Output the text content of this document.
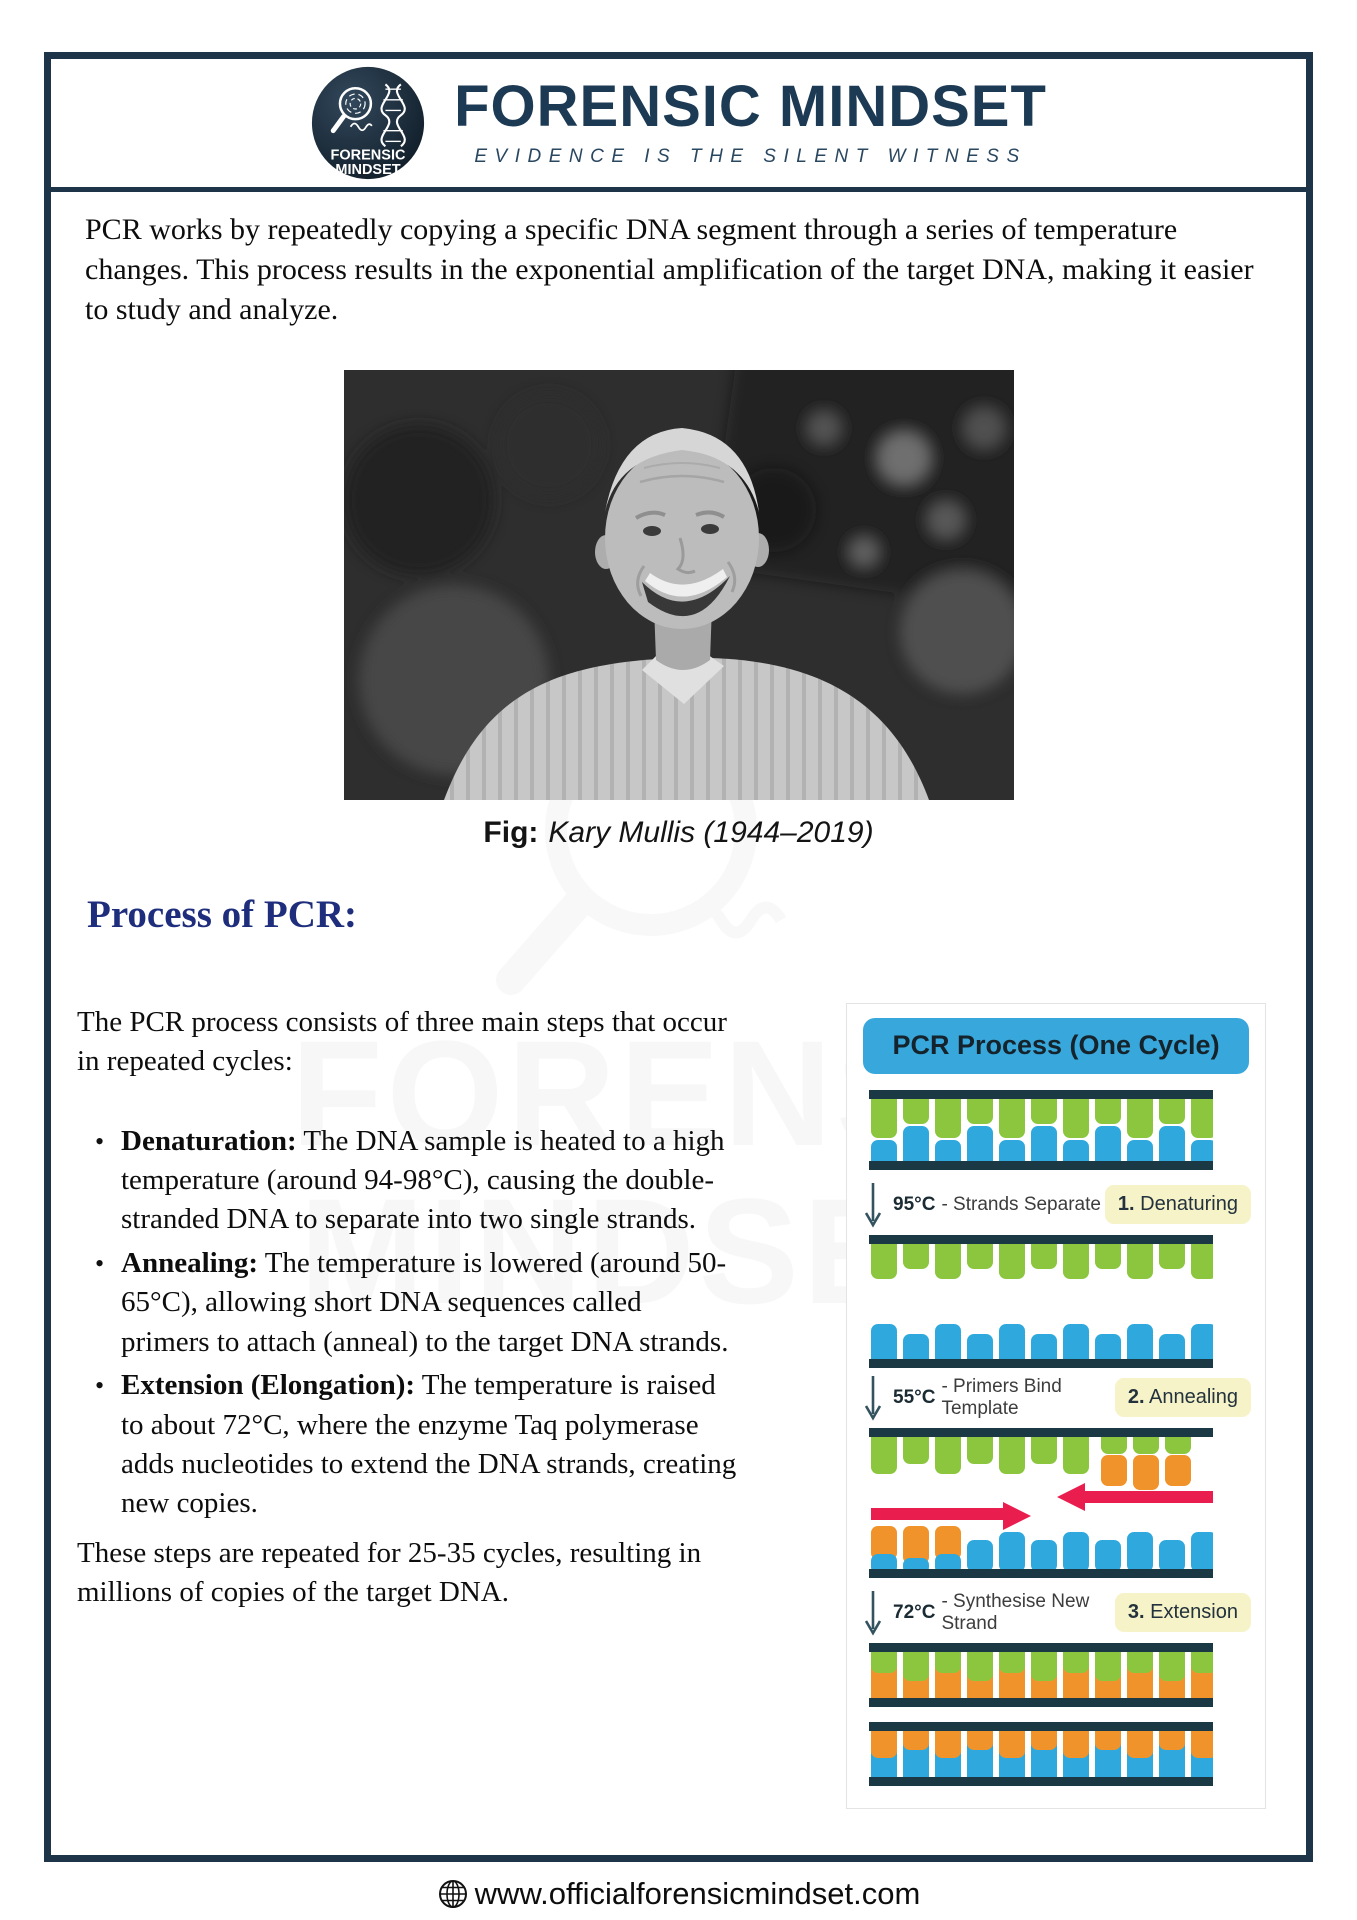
FORENSIC
MINDSET
FORENSIC MINDSET
EVIDENCE IS THE SILENT WITNESS

PCR works by repeatedly copying a specific DNA segment through a series of temperature changes. This process results in the exponential amplification of the target DNA, making it easier to study and analyze.

Fig: Kary Mullis (1944–2019)
Process of PCR:

The PCR process consists of three main steps that occur in repeated cycles:

• Denaturation: The DNA sample is heated to a high temperature (around 94-98°C), causing the double-stranded DNA to separate into two single strands.
• Annealing: The temperature is lowered (around 50-65°C), allowing short DNA sequences called primers to attach (anneal) to the target DNA strands.
• Extension (Elongation): The temperature is raised to about 72°C, where the enzyme Taq polymerase adds nucleotides to extend the DNA strands, creating new copies.

These steps are repeated for 25-35 cycles, resulting in millions of copies of the target DNA.

PCR Process (One Cycle)
95°C - Strands Separate 1. Denaturing
55°C
- Primers Bind Template	2. Annealing
72°C
- Synthesise New Strand	3. Extension
www.officialforensicmindset.com
